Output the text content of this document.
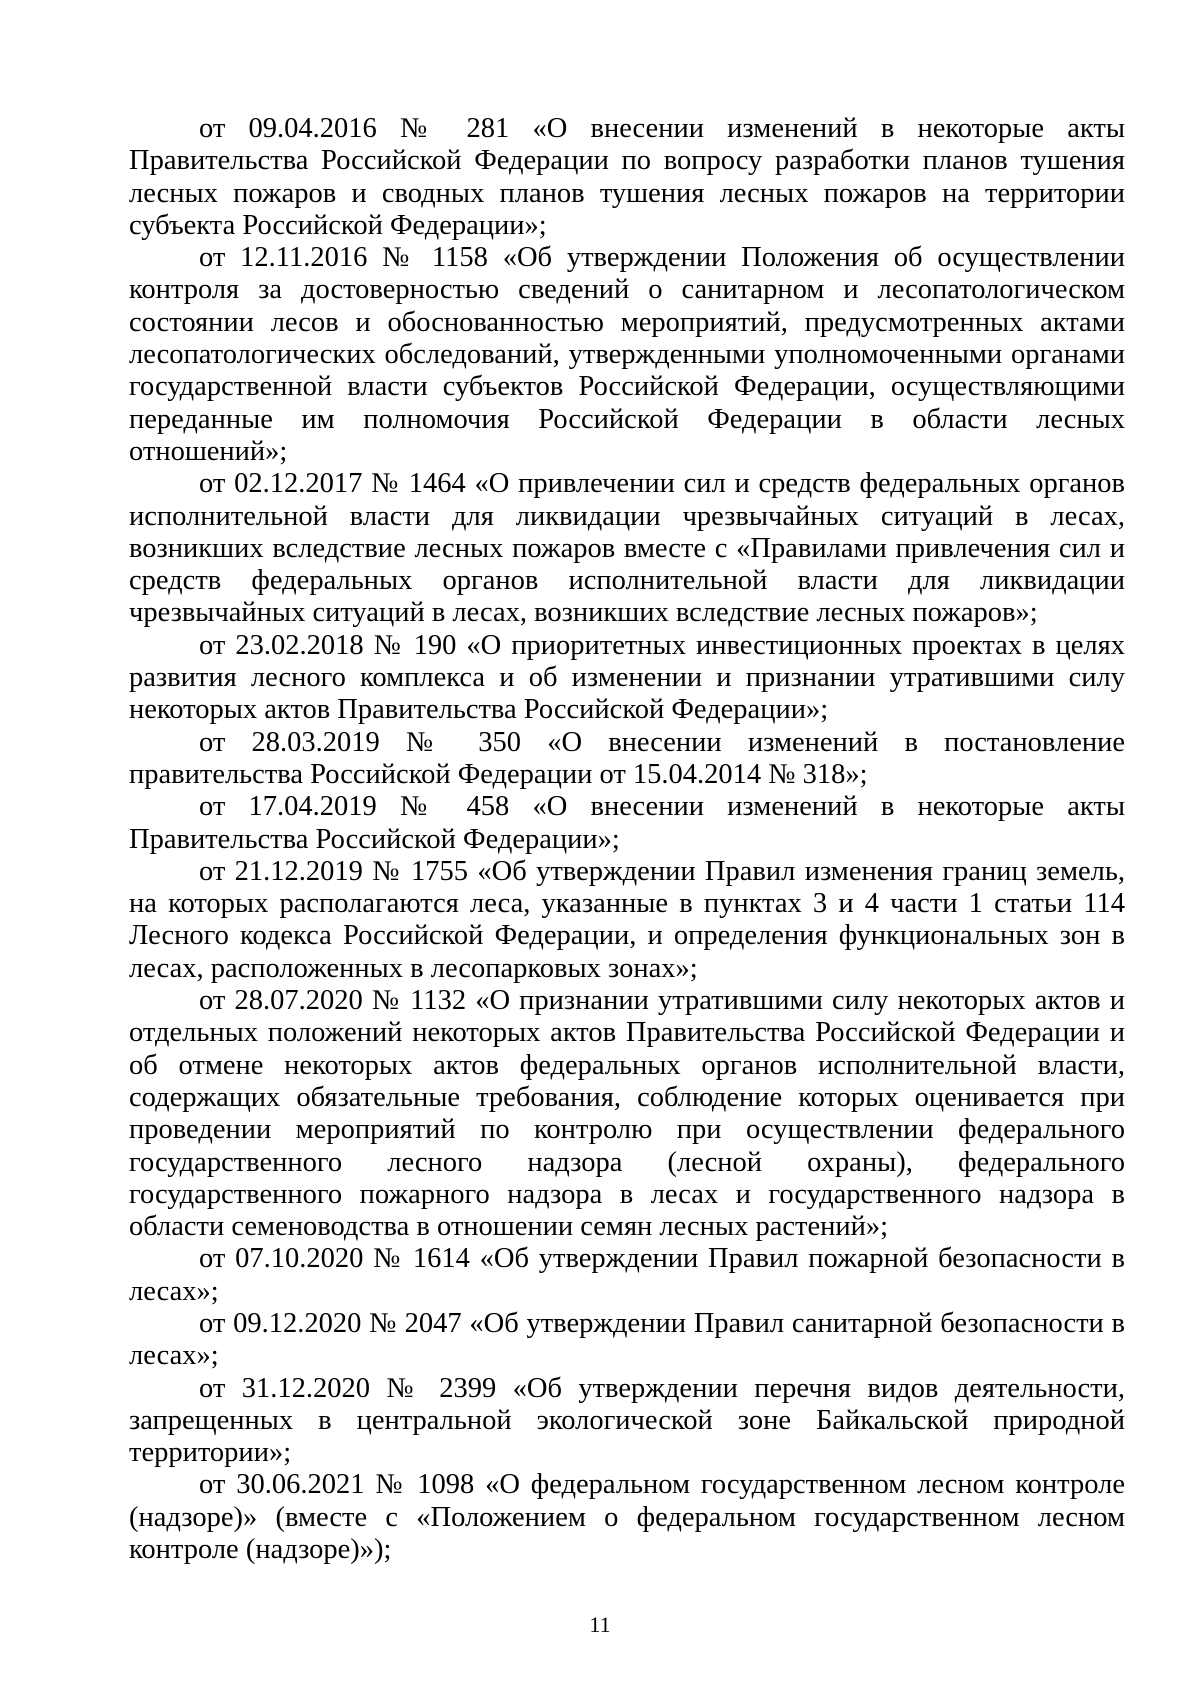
от 09.04.2016 № 281 «О внесении изменений в некоторые акты Правительства Российской Федерации по вопросу разработки планов тушения лесных пожаров и сводных планов тушения лесных пожаров на территории субъекта Российской Федерации»;

от 12.11.2016 № 1158 «Об утверждении Положения об осуществлении контроля за достоверностью сведений о санитарном и лесопатологическом состоянии лесов и обоснованностью мероприятий, предусмотренных актами лесопатологических обследований, утвержденными уполномоченными органами государственной власти субъектов Российской Федерации, осуществляющими переданные им полномочия Российской Федерации в области лесных отношений»;

от 02.12.2017 № 1464 «О привлечении сил и средств федеральных органов исполнительной власти для ликвидации чрезвычайных ситуаций в лесах, возникших вследствие лесных пожаров вместе с «Правилами привлечения сил и средств федеральных органов исполнительной власти для ликвидации чрезвычайных ситуаций в лесах, возникших вследствие лесных пожаров»;

от 23.02.2018 № 190 «О приоритетных инвестиционных проектах в целях развития лесного комплекса и об изменении и признании утратившими силу некоторых актов Правительства Российской Федерации»;

от 28.03.2019 № 350 «О внесении изменений в постановление правительства Российской Федерации от 15.04.2014 № 318»;

от 17.04.2019 № 458 «О внесении изменений в некоторые акты Правительства Российской Федерации»;

от 21.12.2019 № 1755 «Об утверждении Правил изменения границ земель, на которых располагаются леса, указанные в пунктах 3 и 4 части 1 статьи 114 Лесного кодекса Российской Федерации, и определения функциональных зон в лесах, расположенных в лесопарковых зонах»;

от 28.07.2020 № 1132 «О признании утратившими силу некоторых актов и отдельных положений некоторых актов Правительства Российской Федерации и об отмене некоторых актов федеральных органов исполнительной власти, содержащих обязательные требования, соблюдение которых оценивается при проведении мероприятий по контролю при осуществлении федерального государственного лесного надзора (лесной охраны), федерального государственного пожарного надзора в лесах и государственного надзора в области семеноводства в отношении семян лесных растений»;

от 07.10.2020 № 1614 «Об утверждении Правил пожарной безопасности в лесах»;

от 09.12.2020 № 2047 «Об утверждении Правил санитарной безопасности в лесах»;

от 31.12.2020 № 2399 «Об утверждении перечня видов деятельности, запрещенных в центральной экологической зоне Байкальской природной территории»;

от 30.06.2021 № 1098 «О федеральном государственном лесном контроле (надзоре)» (вместе с «Положением о федеральном государственном лесном контроле (надзоре)»);

11
